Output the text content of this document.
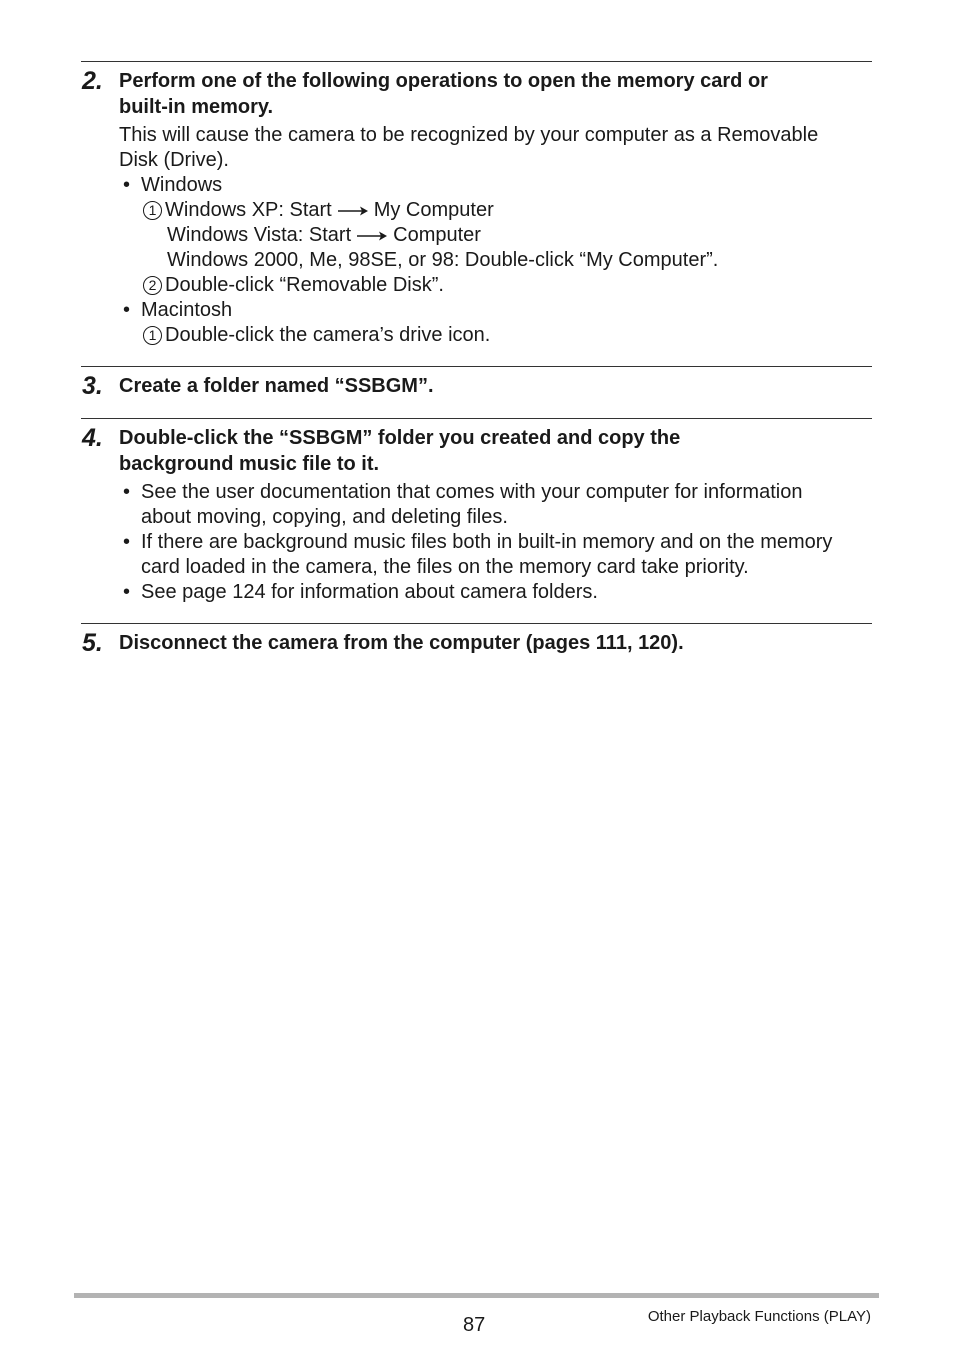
2. Perform one of the following operations to open the memory card or
built-in memory.
This will cause the camera to be recognized by your computer as a Removable
Disk (Drive).
• Windows
1 Windows XP: Start My Computer
Windows Vista: Start Computer
Windows 2000, Me, 98SE, or 98: Double-click “My Computer”.
2 Double-click “Removable Disk”.
• Macintosh
1 Double-click the camera’s drive icon.
3. Create a folder named “SSBGM”.
4. Double-click the “SSBGM” folder you created and copy the
background music file to it.
• See the user documentation that comes with your computer for information
about moving, copying, and deleting files.
• If there are background music files both in built-in memory and on the memory
card loaded in the camera, the files on the memory card take priority.
• See page 124 for information about camera folders.
5. Disconnect the camera from the computer (pages 111, 120).
87	Other Playback Functions (PLAY)
